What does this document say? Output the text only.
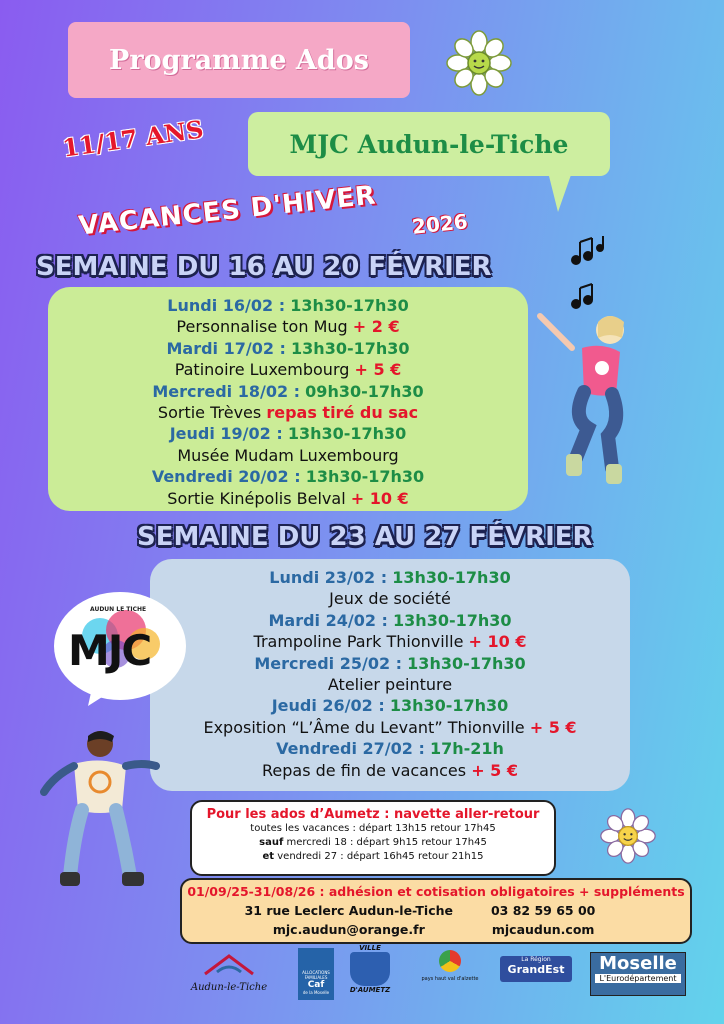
Programme Ados
11/17 ANS	MJC Audun-le-Tiche
VACANCES D'HIVER 2026
SEMAINE DU 16 AU 20 FÉVRIER
Lundi 16/02 : 13h30-17h30
Personnalise ton Mug + 2 €
Mardi 17/02 : 13h30-17h30
Patinoire Luxembourg + 5 €
Mercredi 18/02 : 09h30-17h30
Sortie Trèves repas tiré du sac
Jeudi 19/02 : 13h30-17h30
Musée Mudam Luxembourg
Vendredi 20/02 : 13h30-17h30
Sortie Kinépolis Belval + 10 €
SEMAINE DU 23 AU 27 FÉVRIER
Lundi 23/02 : 13h30-17h30
Jeux de société
Mardi 24/02 : 13h30-17h30
Trampoline Park Thionville + 10 €
Mercredi 25/02 : 13h30-17h30
Atelier peinture
Jeudi 26/02 : 13h30-17h30
Exposition “L’Âme du Levant” Thionville + 5 €
Vendredi 27/02 : 17h-21h
Repas de fin de vacances + 5 €
AUDUN LE TICHE
MJC
Pour les ados d’Aumetz : navette aller-retour
toutes les vacances : départ 13h15 retour 17h45
sauf mercredi 18 : départ 9h15 retour 17h45
et vendredi 27 : départ 16h45 retour 21h15
01/09/25-31/08/26 : adhésion et cotisation obligatoires + suppléments
31 rue Leclerc Audun-le-Tiche	03 82 59 65 00
mjc.audun@orange.fr	mjcaudun.com
Audun-le-Tiche
ALLOCATIONS FAMILIALES
Caf
de la Moselle
VILLE
D'AUMETZ
pays haut val d'alzette
La Région
GrandEst	Moselle
L'Eurodépartement
